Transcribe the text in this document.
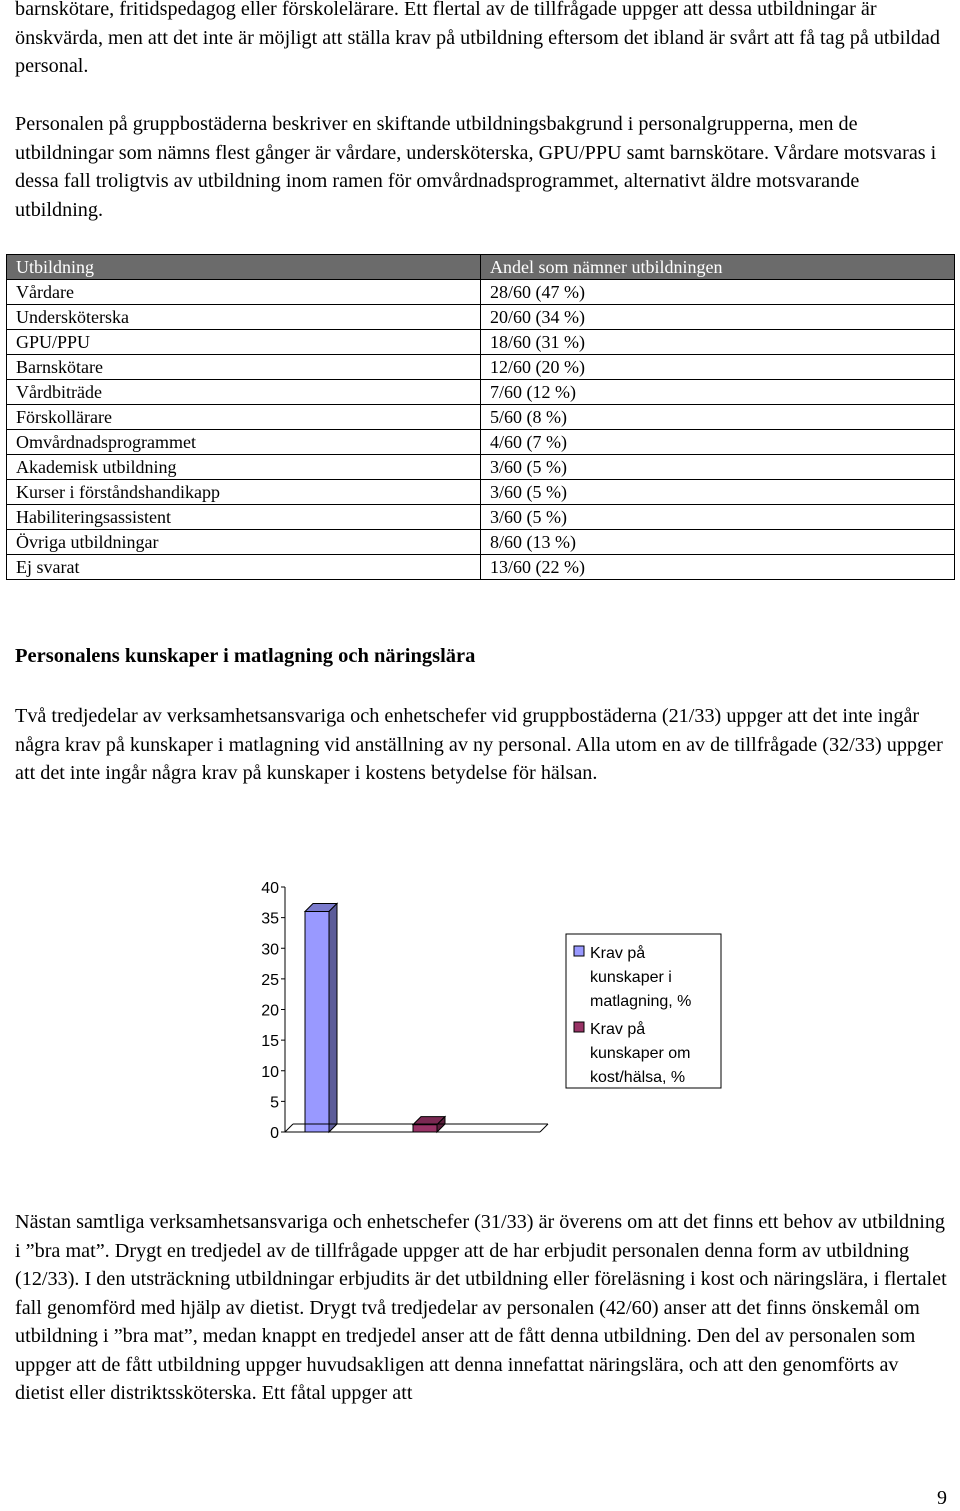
barnskötare, fritidspedagog eller förskolelärare. Ett flertal av de tillfrågade uppger att dessa utbildningar är önskvärda, men att det inte är möjligt att ställa krav på utbildning eftersom det ibland är svårt att få tag på utbildad personal.

Personalen på gruppbostäderna beskriver en skiftande utbildningsbakgrund i personalgrupperna, men de utbildningar som nämns flest gånger är vårdare, undersköterska, GPU/PPU samt barnskötare. Vårdare motsvaras i dessa fall troligtvis av utbildning inom ramen för omvårdnadsprogrammet, alternativt äldre motsvarande utbildning.

Utbildning	Andel som nämner utbildningen
Vårdare	28/60 (47 %)
Undersköterska	20/60 (34 %)
GPU/PPU	18/60 (31 %)
Barnskötare	12/60 (20 %)
Vårdbiträde	7/60 (12 %)
Förskollärare	5/60 (8 %)
Omvårdnadsprogrammet	4/60 (7 %)
Akademisk utbildning	3/60 (5 %)
Kurser i förståndshandikapp	3/60 (5 %)
Habiliteringsassistent	3/60 (5 %)
Övriga utbildningar	8/60 (13 %)
Ej svarat	13/60 (22 %)
Personalens kunskaper i matlagning och näringslära

Två tredjedelar av verksamhetsansvariga och enhetschefer vid gruppbostäderna (21/33) uppger att det inte ingår några krav på kunskaper i matlagning vid anställning av ny personal. Alla utom en av de tillfrågade (32/33) uppger att det inte ingår några krav på kunskaper i kostens betydelse för hälsan.

0
5
10
15
20
25
30
35
40
Krav på
kunskaper i
matlagning, %
Krav på
kunskaper om
kost/hälsa, %

Nästan samtliga verksamhetsansvariga och enhetschefer (31/33) är överens om att det finns ett behov av utbildning i ”bra mat”. Drygt en tredjedel av de tillfrågade uppger att de har erbjudit personalen denna form av utbildning (12/33). I den utsträckning utbildningar erbjudits är det utbildning eller föreläsning i kost och näringslära, i flertalet fall genomförd med hjälp av dietist. Drygt två tredjedelar av personalen (42/60) anser att det finns önskemål om utbildning i ”bra mat”, medan knappt en tredjedel anser att de fått denna utbildning. Den del av personalen som uppger att de fått utbildning uppger huvudsakligen att denna innefattat näringslära, och att den genomförts av dietist eller distriktssköterska. Ett fåtal uppger att

9
